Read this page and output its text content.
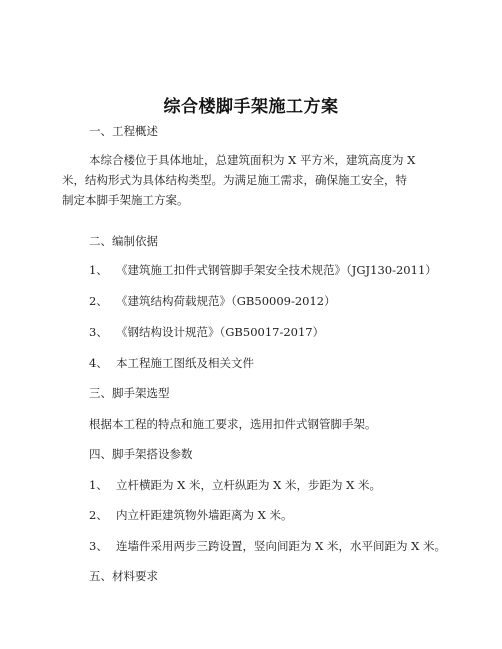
综合楼脚手架施工方案
一、工程概述
本综合楼位于具体地址，总建筑面积为 X 平方米，建筑高度为 X
米，结构形式为具体结构类型。为满足施工需求，确保施工安全，特
制定本脚手架施工方案。
二、编制依据
1、 《建筑施工扣件式钢管脚手架安全技术规范》（JGJ130-2011）
2、 《建筑结构荷载规范》（GB50009-2012）
3、 《钢结构设计规范》（GB50017-2017）
4、 本工程施工图纸及相关文件
三、脚手架选型
根据本工程的特点和施工要求，选用扣件式钢管脚手架。
四、脚手架搭设参数
1、 立杆横距为 X 米，立杆纵距为 X 米，步距为 X 米。
2、 内立杆距建筑物外墙距离为 X 米。
3、 连墙件采用两步三跨设置，竖向间距为 X 米，水平间距为 X 米。
五、材料要求
